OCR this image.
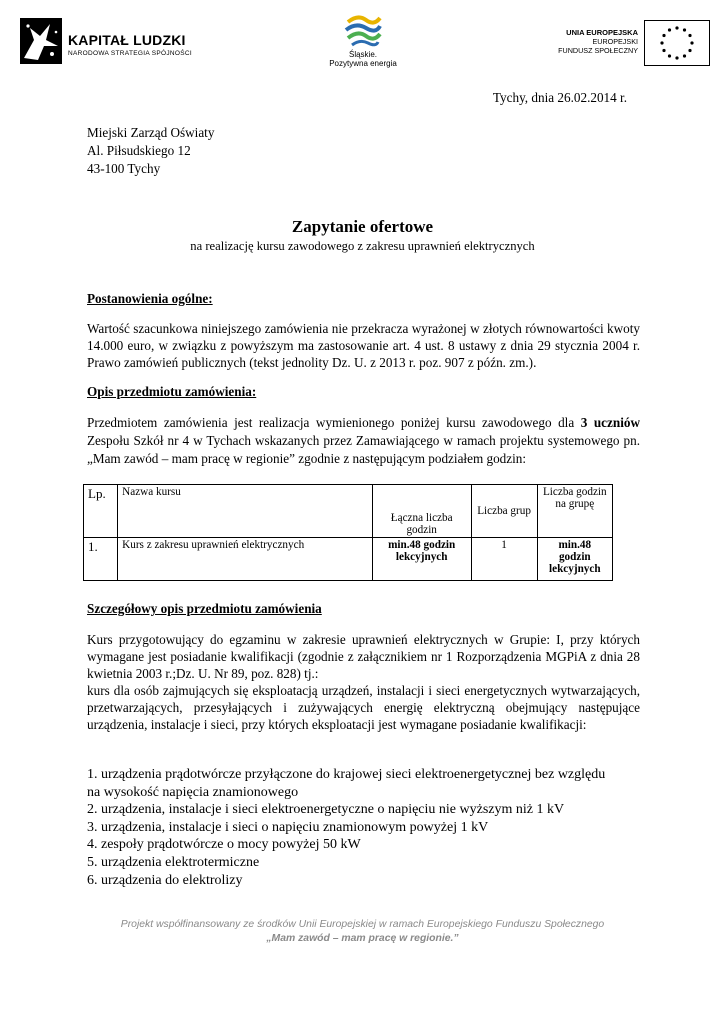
KAPITAŁ LUDZKI
NARODOWA STRATEGIA SPÓJNOŚCI	Śląskie.
Pozytywna energia
UNIA EUROPEJSKA
EUROPEJSKI
FUNDUSZ SPOŁECZNY
Tychy, dnia 26.02.2014 r.
Miejski Zarząd Oświaty
Al. Piłsudskiego 12
43-100 Tychy
Zapytanie ofertowe
na realizację kursu zawodowego z zakresu uprawnień elektrycznych
Postanowienia ogólne:
Wartość szacunkowa niniejszego zamówienia nie przekracza wyrażonej w złotych równowartości kwoty 14.000 euro, w związku z powyższym ma zastosowanie art. 4 ust. 8 ustawy z dnia 29 stycznia 2004 r. Prawo zamówień publicznych (tekst jednolity Dz. U. z 2013 r. poz. 907 z późn. zm.).
Opis przedmiotu zamówienia:
Przedmiotem zamówienia jest realizacja wymienionego poniżej kursu zawodowego dla 3 uczniów Zespołu Szkół nr 4 w Tychach wskazanych przez Zamawiającego w ramach projektu systemowego pn. „Mam zawód – mam pracę w regionie” zgodnie z następującym podziałem godzin:
Lp.	Nazwa kursu	Łączna liczba godzin	Liczba grup	Liczba godzin na grupę
1.	Kurs z zakresu uprawnień elektrycznych	min.48 godzin lekcyjnych	1	min.48 godzin lekcyjnych
Szczegółowy opis przedmiotu zamówienia
Kurs przygotowujący do egzaminu w zakresie uprawnień elektrycznych w Grupie: I, przy których wymagane jest posiadanie kwalifikacji (zgodnie z załącznikiem nr 1 Rozporządzenia MGPiA z dnia 28 kwietnia 2003 r.;Dz. U. Nr 89, poz. 828) tj.:
kurs dla osób zajmujących się eksploatacją urządzeń, instalacji i sieci energetycznych wytwarzających, przetwarzających, przesyłających i zużywających energię elektryczną obejmujący następujące urządzenia, instalacje i sieci, przy których eksploatacji jest wymagane posiadanie kwalifikacji:
1. urządzenia prądotwórcze przyłączone do krajowej sieci elektroenergetycznej bez względu
na wysokość napięcia znamionowego
2. urządzenia, instalacje i sieci elektroenergetyczne o napięciu nie wyższym niż 1 kV
3. urządzenia, instalacje i sieci o napięciu znamionowym powyżej 1 kV
4. zespoły prądotwórcze o mocy powyżej 50 kW
5. urządzenia elektrotermiczne
6. urządzenia do elektrolizy
Projekt współfinansowany ze środków Unii Europejskiej w ramach Europejskiego Funduszu Społecznego
„Mam zawód – mam pracę w regionie.”
